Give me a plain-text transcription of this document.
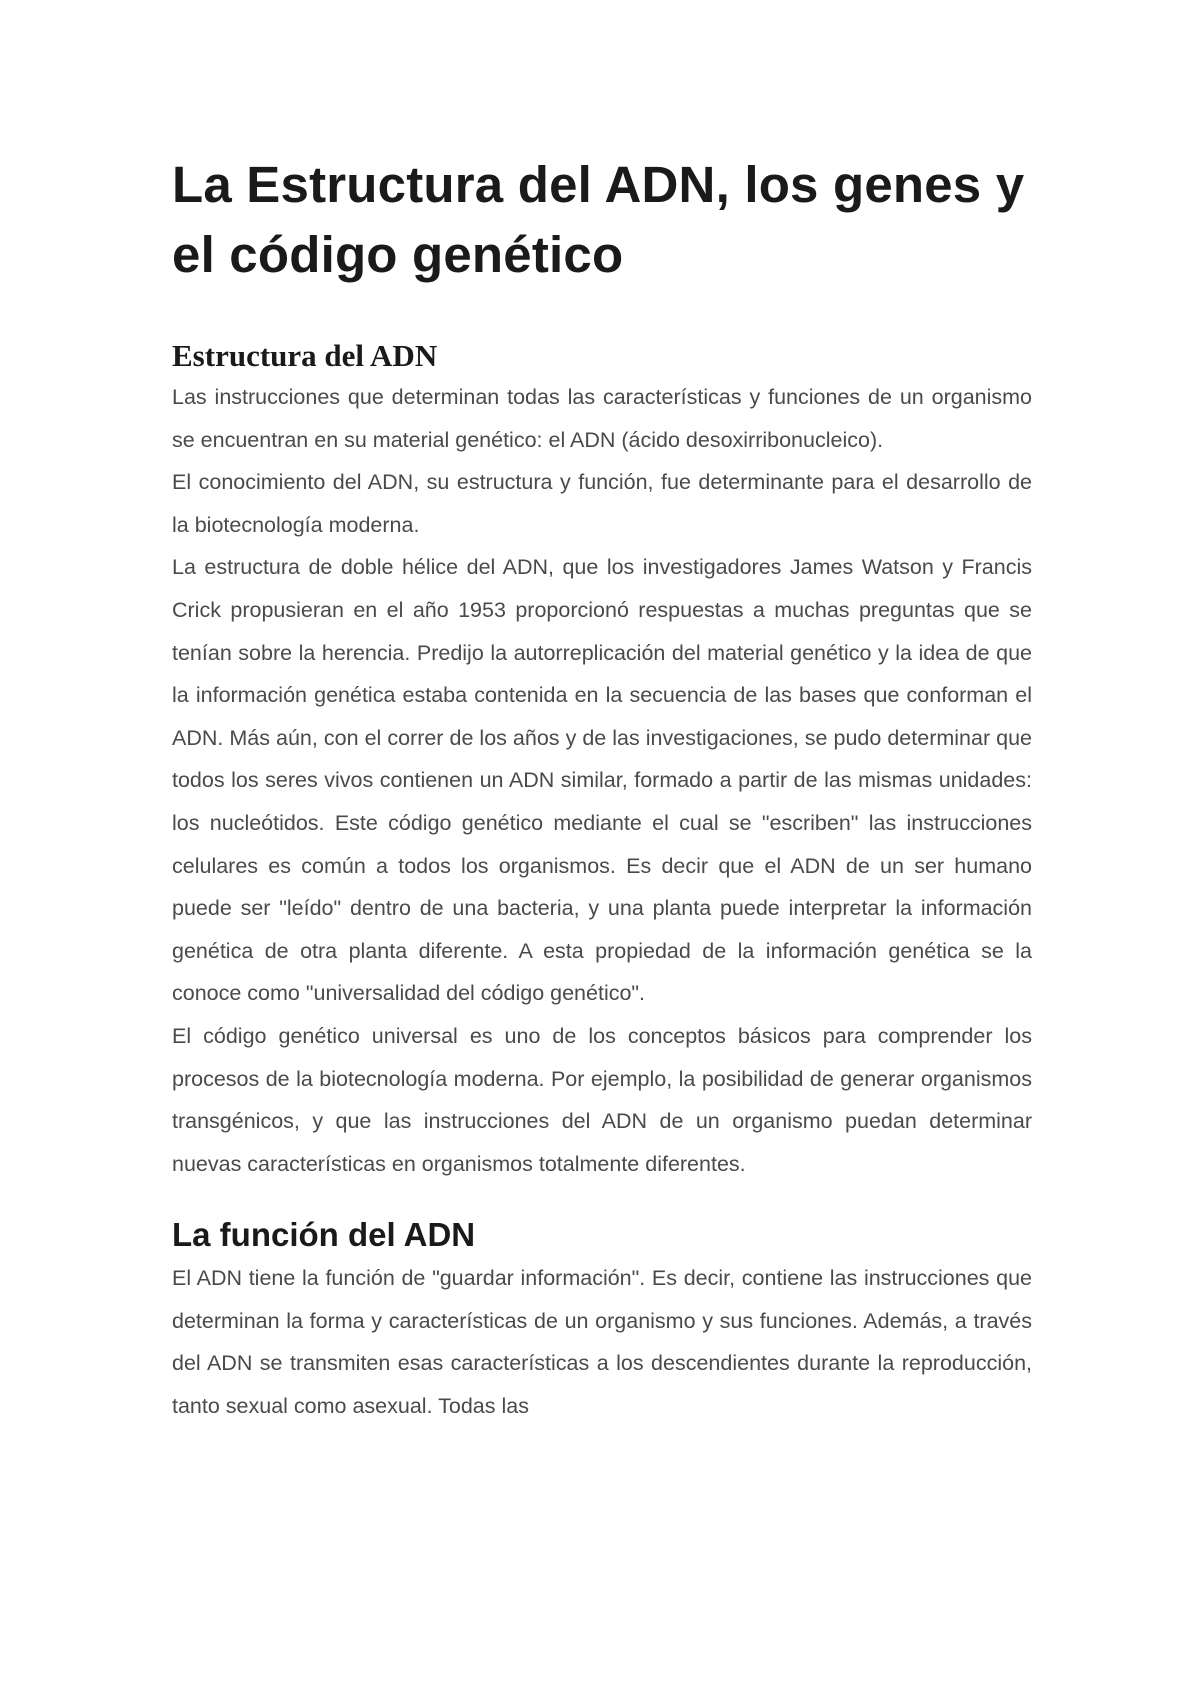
La Estructura del ADN, los genes y el código genético
Estructura del ADN

Las instrucciones que determinan todas las características y funciones de un organismo se encuentran en su material genético: el ADN (ácido desoxirribonucleico).

El conocimiento del ADN, su estructura y función, fue determinante para el desarrollo de la biotecnología moderna.

La estructura de doble hélice del ADN, que los investigadores James Watson y Francis Crick propusieran en el año 1953 proporcionó respuestas a muchas preguntas que se tenían sobre la herencia. Predijo la autorreplicación del material genético y la idea de que la información genética estaba contenida en la secuencia de las bases que conforman el ADN. Más aún, con el correr de los años y de las investigaciones, se pudo determinar que todos los seres vivos contienen un ADN similar, formado a partir de las mismas unidades: los nucleótidos. Este código genético mediante el cual se "escriben" las instrucciones celulares es común a todos los organismos. Es decir que el ADN de un ser humano puede ser "leído" dentro de una bacteria, y una planta puede interpretar la información genética de otra planta diferente. A esta propiedad de la información genética se la conoce como "universalidad del código genético".

El código genético universal es uno de los conceptos básicos para comprender los procesos de la biotecnología moderna. Por ejemplo, la posibilidad de generar organismos transgénicos, y que las instrucciones del ADN de un organismo puedan determinar nuevas características en organismos totalmente diferentes.

La función del ADN

El ADN tiene la función de "guardar información". Es decir, contiene las instrucciones que determinan la forma y características de un organismo y sus funciones. Además, a través del ADN se transmiten esas características a los descendientes durante la reproducción, tanto sexual como asexual. Todas las
